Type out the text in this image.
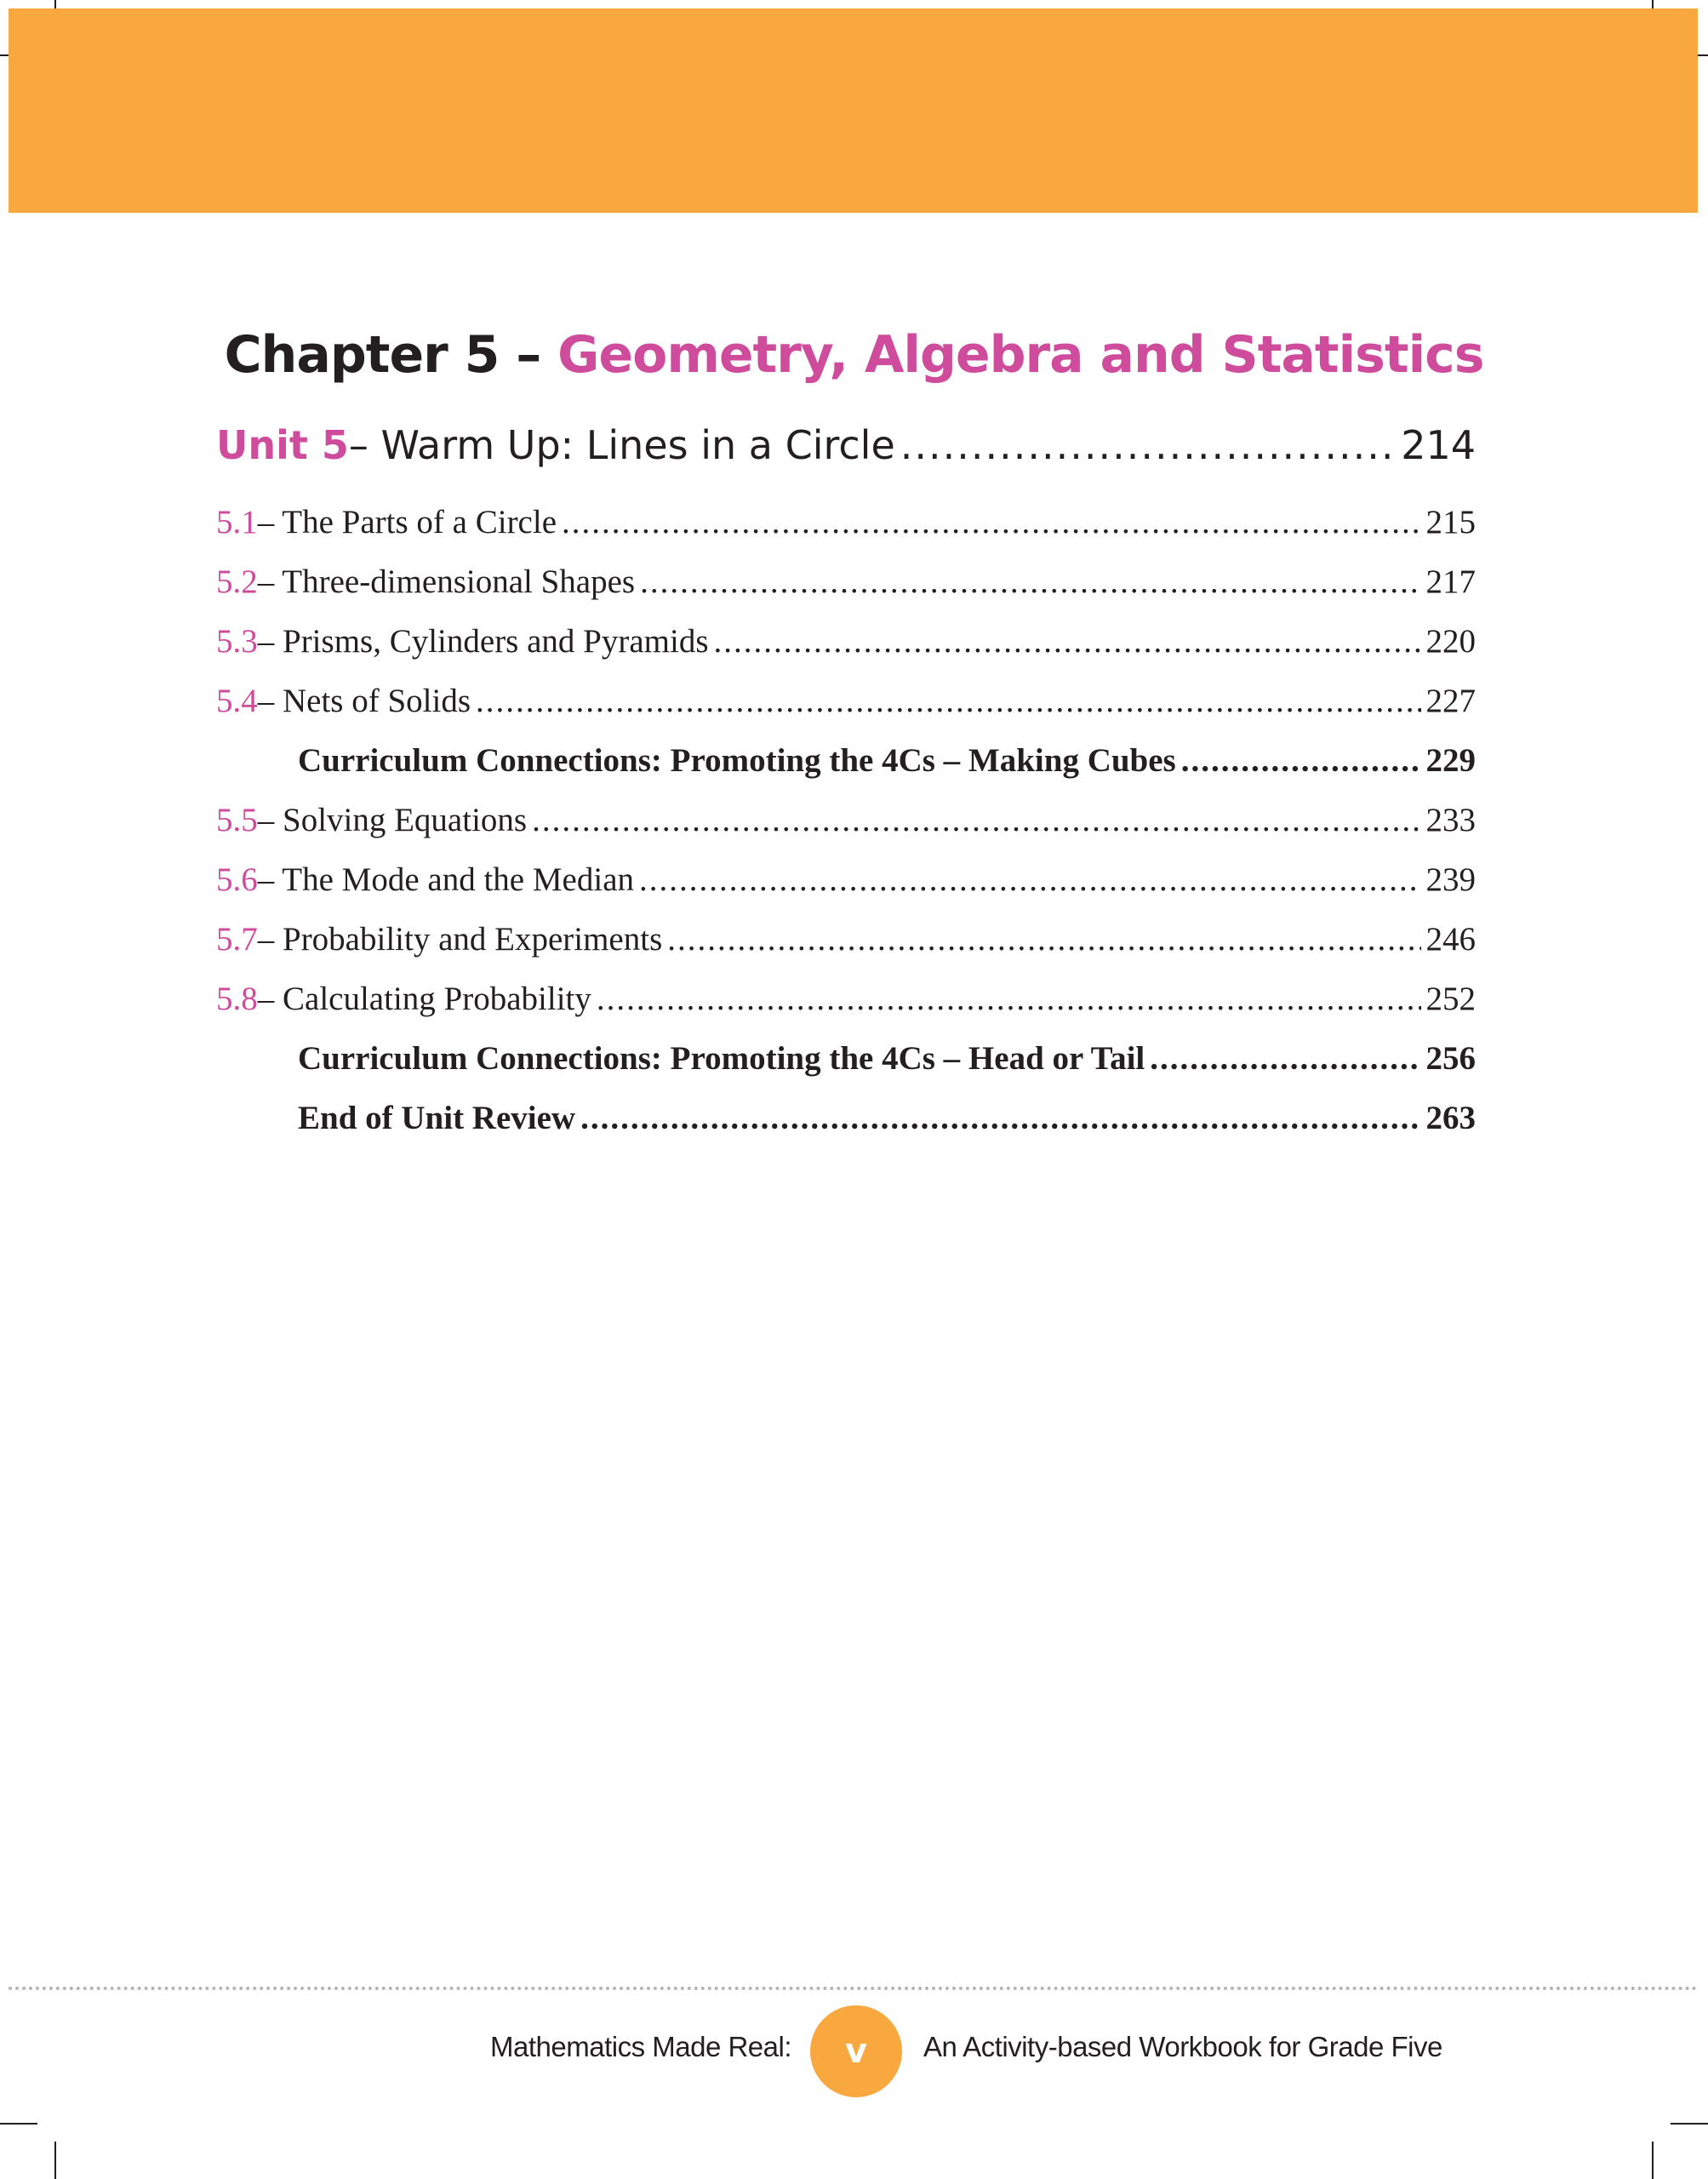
Chapter 5 – Geometry, Algebra and Statistics
Unit 5 – Warm Up: Lines in a Circle .....	214
5.1 – The Parts of a Circle .....	215
5.2 – Three-dimensional Shapes .....	217
5.3 – Prisms, Cylinders and Pyramids .....	220
5.4 – Nets of Solids .....	227
Curriculum Connections: Promoting the 4Cs – Making Cubes .....	229
5.5 – Solving Equations .....	233
5.6 – The Mode and the Median .....	239
5.7 – Probability and Experiments .....	246
5.8 – Calculating Probability .....	252
Curriculum Connections: Promoting the 4Cs – Head or Tail .....	256
End of Unit Review .....	263
Mathematics Made Real:	v	An Activity-based Workbook for Grade Five
